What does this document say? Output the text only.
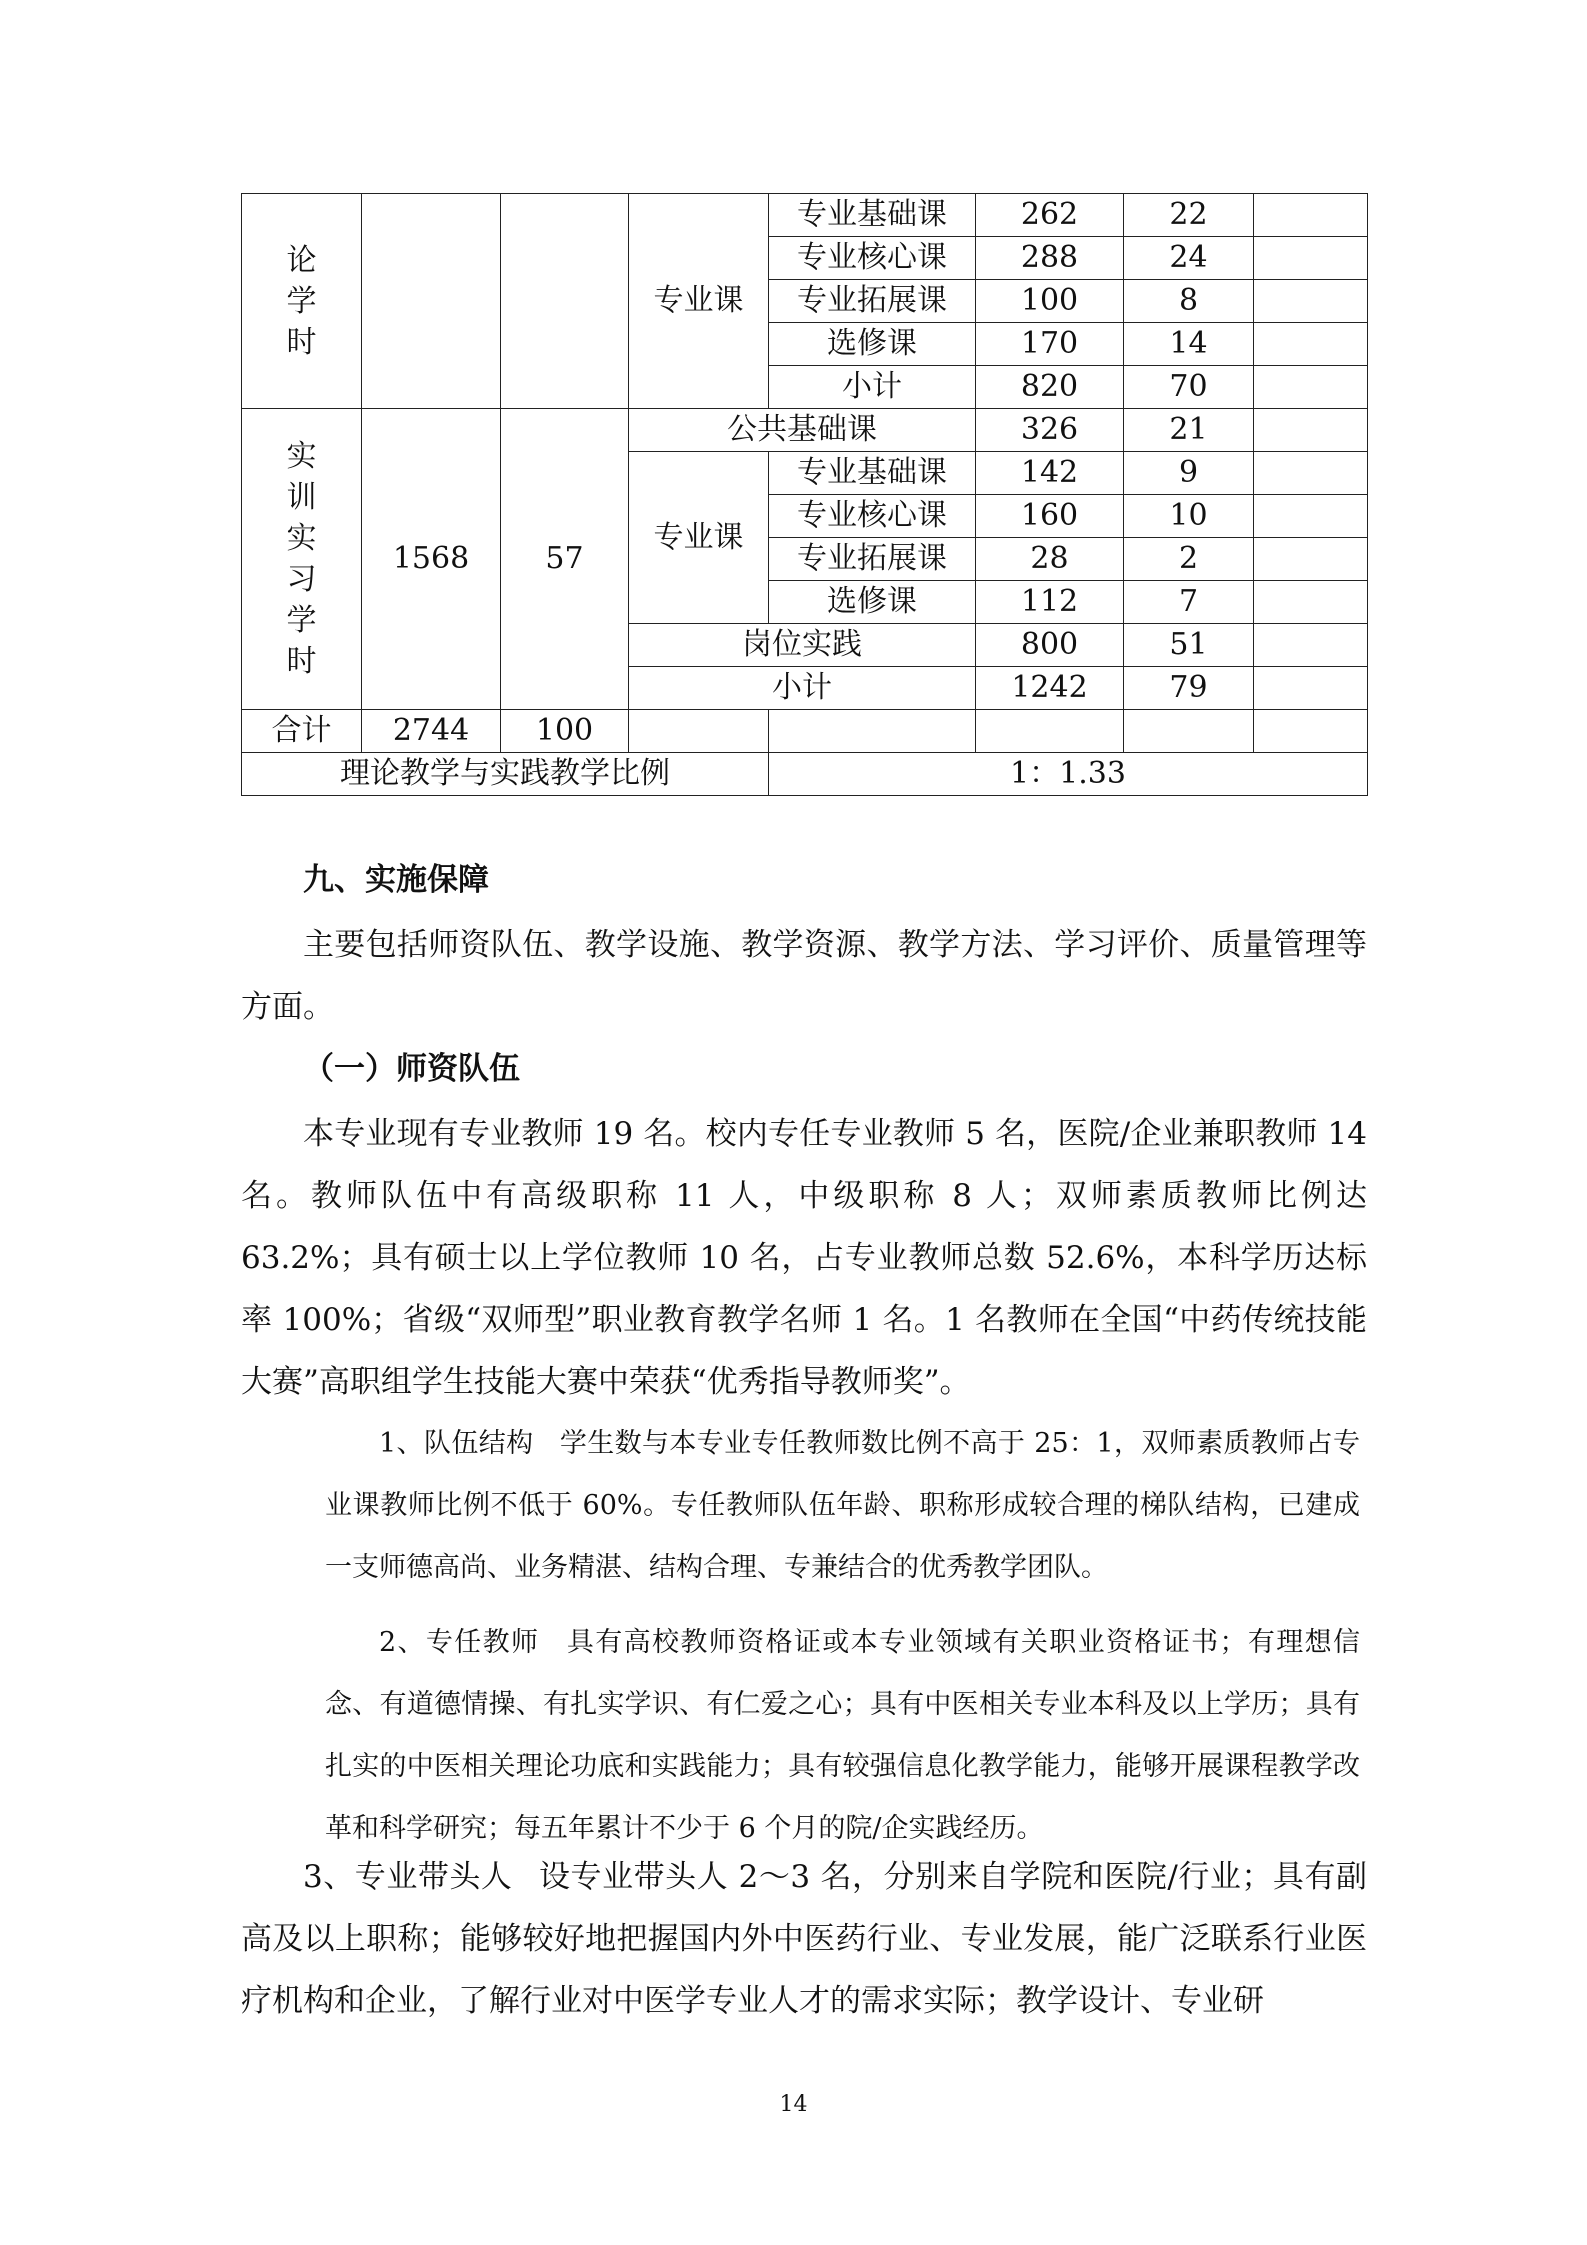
论学时			专业课	专业基础课	262	22	
				专业核心课	288	24	
				专业拓展课	100	8	
				选修课	170	14	
				小计	820	70	
实训实习学时	1568	57	公共基础课		326	21	
			专业课	专业基础课	142	9	
				专业核心课	160	10	
				专业拓展课	28	2	
				选修课	112	7	
			岗位实践		800	51	
			小计		1242	79	
合计	2744	100					
理论教学与实践教学比例				1：1.33			
九、实施保障
主要包括师资队伍、教学设施、教学资源、教学方法、学习评价、质量管理等方面。
（一）师资队伍
本专业现有专业教师 19 名。校内专任专业教师 5 名，医院/企业兼职教师 14 名。教师队伍中有高级职称 11 人，中级职称 8 人；双师素质教师比例达 63.2%；具有硕士以上学位教师 10 名，占专业教师总数 52.6%，本科学历达标率 100%；省级“双师型”职业教育教学名师 1 名。1 名教师在全国“中药传统技能大赛”高职组学生技能大赛中荣获“优秀指导教师奖”。
1、队伍结构 学生数与本专业专任教师数比例不高于 25：1，双师素质教师占专业课教师比例不低于 60%。专任教师队伍年龄、职称形成较合理的梯队结构，已建成一支师德高尚、业务精湛、结构合理、专兼结合的优秀教学团队。
2、专任教师 具有高校教师资格证或本专业领域有关职业资格证书；有理想信念、有道德情操、有扎实学识、有仁爱之心；具有中医相关专业本科及以上学历；具有扎实的中医相关理论功底和实践能力；具有较强信息化教学能力，能够开展课程教学改革和科学研究；每五年累计不少于 6 个月的院/企实践经历。
3、专业带头人 设专业带头人 2～3 名，分别来自学院和医院/行业；具有副高及以上职称；能够较好地把握国内外中医药行业、专业发展，能广泛联系行业医疗机构和企业，了解行业对中医学专业人才的需求实际；教学设计、专业研
14
